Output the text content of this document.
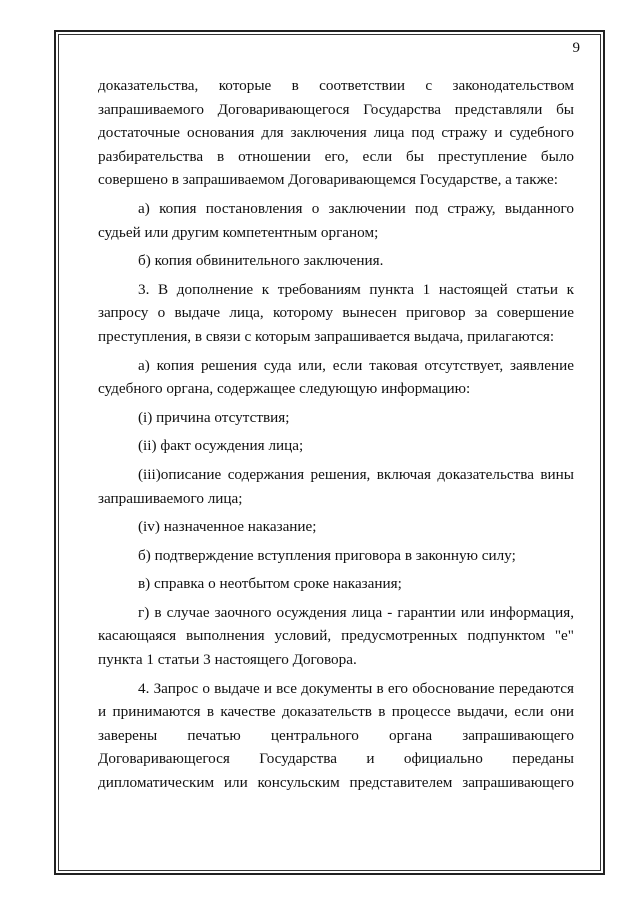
9

доказательства, которые в соответствии с законодательством запрашиваемого Договаривающегося Государства представляли бы достаточные основания для заключения лица под стражу и судебного разбирательства в отношении его, если бы преступление было совершено в запрашиваемом Договаривающемся Государстве, а также:

а) копия постановления о заключении под стражу, выданного судьей или другим компетентным органом;

б) копия обвинительного заключения.

3. В дополнение к требованиям пункта 1 настоящей статьи к запросу о выдаче лица, которому вынесен приговор за совершение преступления, в связи с которым запрашивается выдача, прилагаются:

а) копия решения суда или, если таковая отсутствует, заявление судебного органа, содержащее следующую информацию:

(i) причина отсутствия;

(ii) факт осуждения лица;

(iii)описание содержания решения, включая доказательства вины запрашиваемого лица;

(iv) назначенное наказание;

б) подтверждение вступления приговора в законную силу;

в) справка о неотбытом сроке наказания;

г) в случае заочного осуждения лица - гарантии или информация, касающаяся выполнения условий, предусмотренных подпунктом "е" пункта 1 статьи 3 настоящего Договора.

4. Запрос о выдаче и все документы в его обоснование передаются и принимаются в качестве доказательств в процессе выдачи, если они заверены печатью центрального органа запрашивающего Договаривающегося Государства и официально переданы дипломатическим или консульским представителем запрашивающего
